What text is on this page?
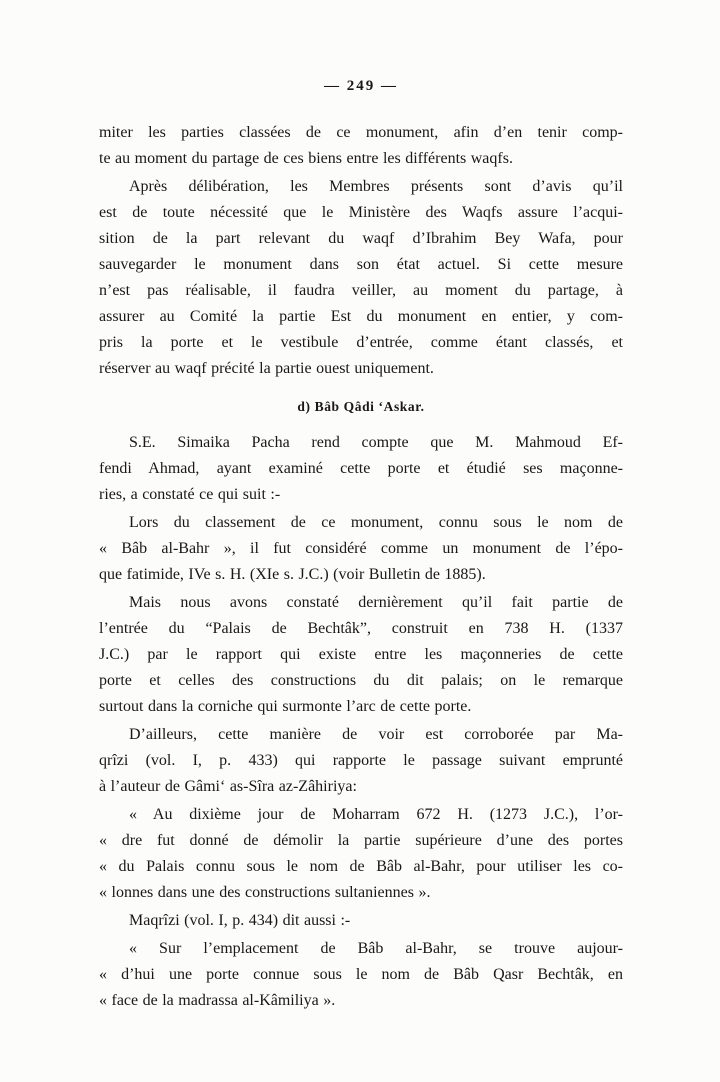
— 249 —
miter les parties classées de ce monument, afin d’en tenir comp-
te au moment du partage de ces biens entre les différents waqfs.
Après délibération, les Membres présents sont d’avis qu’il
est de toute nécessité que le Ministère des Waqfs assure l’acqui-
sition de la part relevant du waqf d’Ibrahim Bey Wafa, pour
sauvegarder le monument dans son état actuel. Si cette mesure
n’est pas réalisable, il faudra veiller, au moment du partage, à
assurer au Comité la partie Est du monument en entier, y com-
pris la porte et le vestibule d’entrée, comme étant classés, et
réserver au waqf précité la partie ouest uniquement.
d) Bâb Qâdi ‘Askar.
S.E. Simaika Pacha rend compte que M. Mahmoud Ef-
fendi Ahmad, ayant examiné cette porte et étudié ses maçonne-
ries, a constaté ce qui suit :-
Lors du classement de ce monument, connu sous le nom de
« Bâb al-Bahr », il fut considéré comme un monument de l’épo-
que fatimide, IVe s. H. (XIe s. J.C.) (voir Bulletin de 1885).
Mais nous avons constaté dernièrement qu’il fait partie de
l’entrée du “Palais de Bechtâk”, construit en 738 H. (1337
J.C.) par le rapport qui existe entre les maçonneries de cette
porte et celles des constructions du dit palais; on le remarque
surtout dans la corniche qui surmonte l’arc de cette porte.
D’ailleurs, cette manière de voir est corroborée par Ma-
qrîzi (vol. I, p. 433) qui rapporte le passage suivant emprunté
à l’auteur de Gâmi‘ as-Sîra az-Zâhiriya:
« Au dixième jour de Moharram 672 H. (1273 J.C.), l’or-
« dre fut donné de démolir la partie supérieure d’une des portes
« du Palais connu sous le nom de Bâb al-Bahr, pour utiliser les co-
« lonnes dans une des constructions sultaniennes ».
Maqrîzi (vol. I, p. 434) dit aussi :-
« Sur l’emplacement de Bâb al-Bahr, se trouve aujour-
« d’hui une porte connue sous le nom de Bâb Qasr Bechtâk, en
« face de la madrassa al-Kâmiliya ».
